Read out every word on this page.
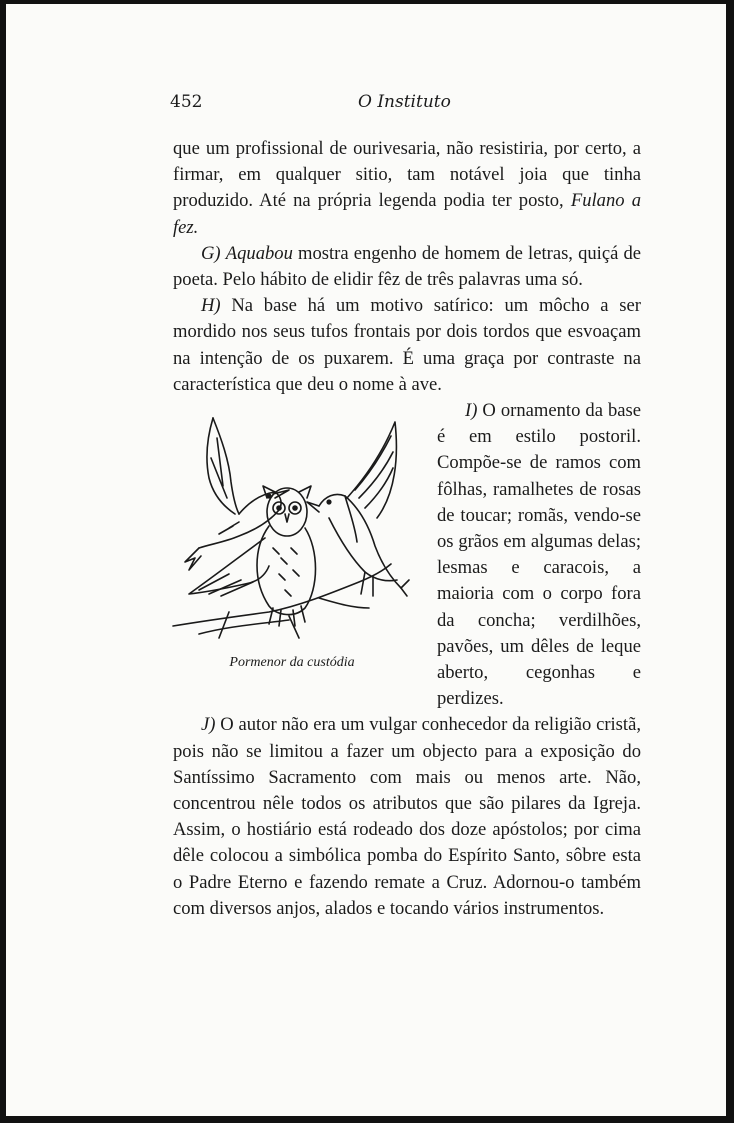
452	O Instituto

que um profissional de ourivesaria, não resistiria, por certo, a firmar, em qualquer sitio, tam notável joia que tinha produzido. Até na própria legenda podia ter posto, Fulano a fez.

G) Aquabou mostra engenho de homem de letras, quiçá de poeta. Pelo hábito de elidir fêz de três palavras uma só.

H) Na base há um motivo satírico: um môcho a ser mordido nos seus tufos frontais por dois tordos que esvoaçam na intenção de os puxarem. É uma graça por contraste na característica que deu o nome à ave.

Pormenor da custódia

I) O ornamento da base é em estilo postoril. Compõe-se de ramos com fôlhas, ramalhetes de rosas de toucar; romãs, vendo-se os grãos em algumas delas; lesmas e caracois, a maioria com o corpo fora da concha; verdilhões, pavões, um dêles de leque aberto, cegonhas e perdizes.

J) O autor não era um vulgar conhecedor da religião cristã, pois não se limitou a fazer um objecto para a exposição do Santíssimo Sacramento com mais ou menos arte. Não, concentrou nêle todos os atributos que são pilares da Igreja. Assim, o hostiário está rodeado dos doze apóstolos; por cima dêle colocou a simbólica pomba do Espírito Santo, sôbre esta o Padre Eterno e fazendo remate a Cruz. Adornou-o também com diversos anjos, alados e tocando vários instrumentos.
